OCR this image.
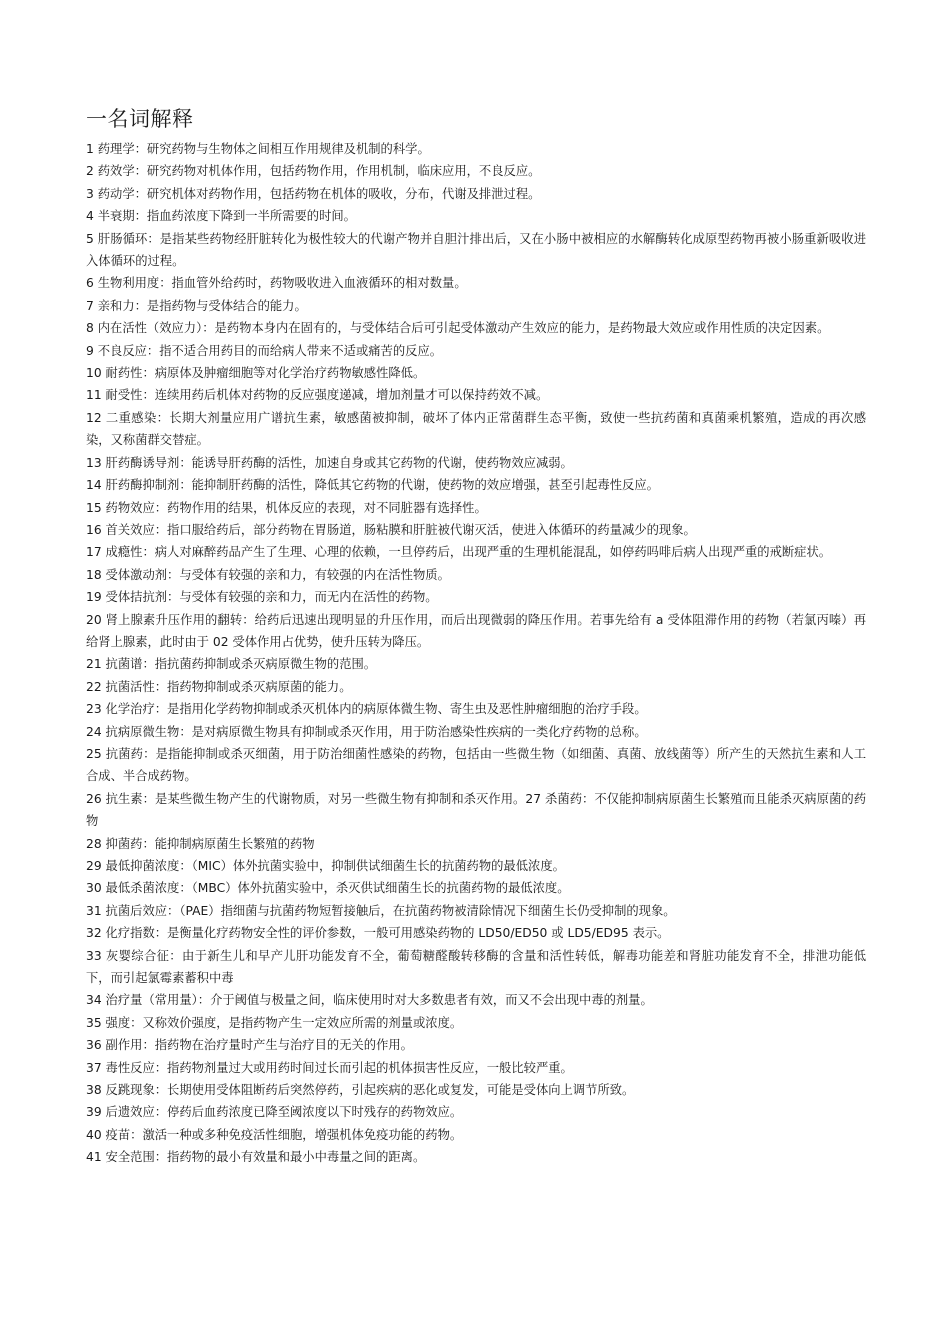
一名词解释
1 药理学：研究药物与生物体之间相互作用规律及机制的科学。
2 药效学：研究药物对机体作用，包括药物作用，作用机制，临床应用，不良反应。
3 药动学：研究机体对药物作用，包括药物在机体的吸收，分布，代谢及排泄过程。
4 半衰期：指血药浓度下降到一半所需要的时间。
5 肝肠循环：是指某些药物经肝脏转化为极性较大的代谢产物并自胆汁排出后，又在小肠中被相应的水解酶转化成原型药物再被小肠重新吸收进入体循环的过程。
6 生物利用度：指血管外给药时，药物吸收进入血液循环的相对数量。
7 亲和力：是指药物与受体结合的能力。
8 内在活性（效应力）：是药物本身内在固有的，与受体结合后可引起受体激动产生效应的能力，是药物最大效应或作用性质的决定因素。
9 不良反应：指不适合用药目的而给病人带来不适或痛苦的反应。
10 耐药性：病原体及肿瘤细胞等对化学治疗药物敏感性降低。
11 耐受性：连续用药后机体对药物的反应强度递减，增加剂量才可以保持药效不减。
12 二重感染：长期大剂量应用广谱抗生素，敏感菌被抑制，破坏了体内正常菌群生态平衡，致使一些抗药菌和真菌乘机繁殖，造成的再次感染，又称菌群交替症。
13 肝药酶诱导剂：能诱导肝药酶的活性，加速自身或其它药物的代谢，使药物效应减弱。
14 肝药酶抑制剂：能抑制肝药酶的活性，降低其它药物的代谢，使药物的效应增强，甚至引起毒性反应。
15 药物效应：药物作用的结果，机体反应的表现，对不同脏器有选择性。
16 首关效应：指口服给药后，部分药物在胃肠道，肠粘膜和肝脏被代谢灭活，使进入体循环的药量减少的现象。
17 成瘾性：病人对麻醉药品产生了生理、心理的依赖，一旦停药后，出现严重的生理机能混乱，如停药吗啡后病人出现严重的戒断症状。
18 受体激动剂：与受体有较强的亲和力，有较强的内在活性物质。
19 受体拮抗剂：与受体有较强的亲和力，而无内在活性的药物。
20 肾上腺素升压作用的翻转：给药后迅速出现明显的升压作用，而后出现微弱的降压作用。若事先给有 a 受体阻滞作用的药物（若氯丙嗪）再给肾上腺素，此时由于 02 受体作用占优势，使升压转为降压。
21 抗菌谱：指抗菌药抑制或杀灭病原微生物的范围。
22 抗菌活性：指药物抑制或杀灭病原菌的能力。
23 化学治疗：是指用化学药物抑制或杀灭机体内的病原体微生物、寄生虫及恶性肿瘤细胞的治疗手段。
24 抗病原微生物：是对病原微生物具有抑制或杀灭作用，用于防治感染性疾病的一类化疗药物的总称。
25 抗菌药：是指能抑制或杀灭细菌，用于防治细菌性感染的药物，包括由一些微生物（如细菌、真菌、放线菌等）所产生的天然抗生素和人工合成、半合成药物。
26 抗生素：是某些微生物产生的代谢物质，对另一些微生物有抑制和杀灭作用。27 杀菌药：不仅能抑制病原菌生长繁殖而且能杀灭病原菌的药物
28 抑菌药：能抑制病原菌生长繁殖的药物
29 最低抑菌浓度：（MIC）体外抗菌实验中，抑制供试细菌生长的抗菌药物的最低浓度。
30 最低杀菌浓度：（MBC）体外抗菌实验中，杀灭供试细菌生长的抗菌药物的最低浓度。
31 抗菌后效应：（PAE）指细菌与抗菌药物短暂接触后，在抗菌药物被清除情况下细菌生长仍受抑制的现象。
32 化疗指数：是衡量化疗药物安全性的评价参数，一般可用感染药物的 LD50/ED50 或 LD5/ED95 表示。
33 灰婴综合征：由于新生儿和早产儿肝功能发育不全，葡萄糖醛酸转移酶的含量和活性转低，解毒功能差和肾脏功能发育不全，排泄功能低下，而引起氯霉素蓄积中毒
34 治疗量（常用量）：介于阈值与极量之间，临床使用时对大多数患者有效，而又不会出现中毒的剂量。
35 强度：又称效价强度，是指药物产生一定效应所需的剂量或浓度。
36 副作用：指药物在治疗量时产生与治疗目的无关的作用。
37 毒性反应：指药物剂量过大或用药时间过长而引起的机体损害性反应，一般比较严重。
38 反跳现象：长期使用受体阻断药后突然停药，引起疾病的恶化或复发，可能是受体向上调节所致。
39 后遗效应：停药后血药浓度已降至阈浓度以下时残存的药物效应。
40 疫苗：激活一种或多种免疫活性细胞，增强机体免疫功能的药物。
41 安全范围：指药物的最小有效量和最小中毒量之间的距离。
